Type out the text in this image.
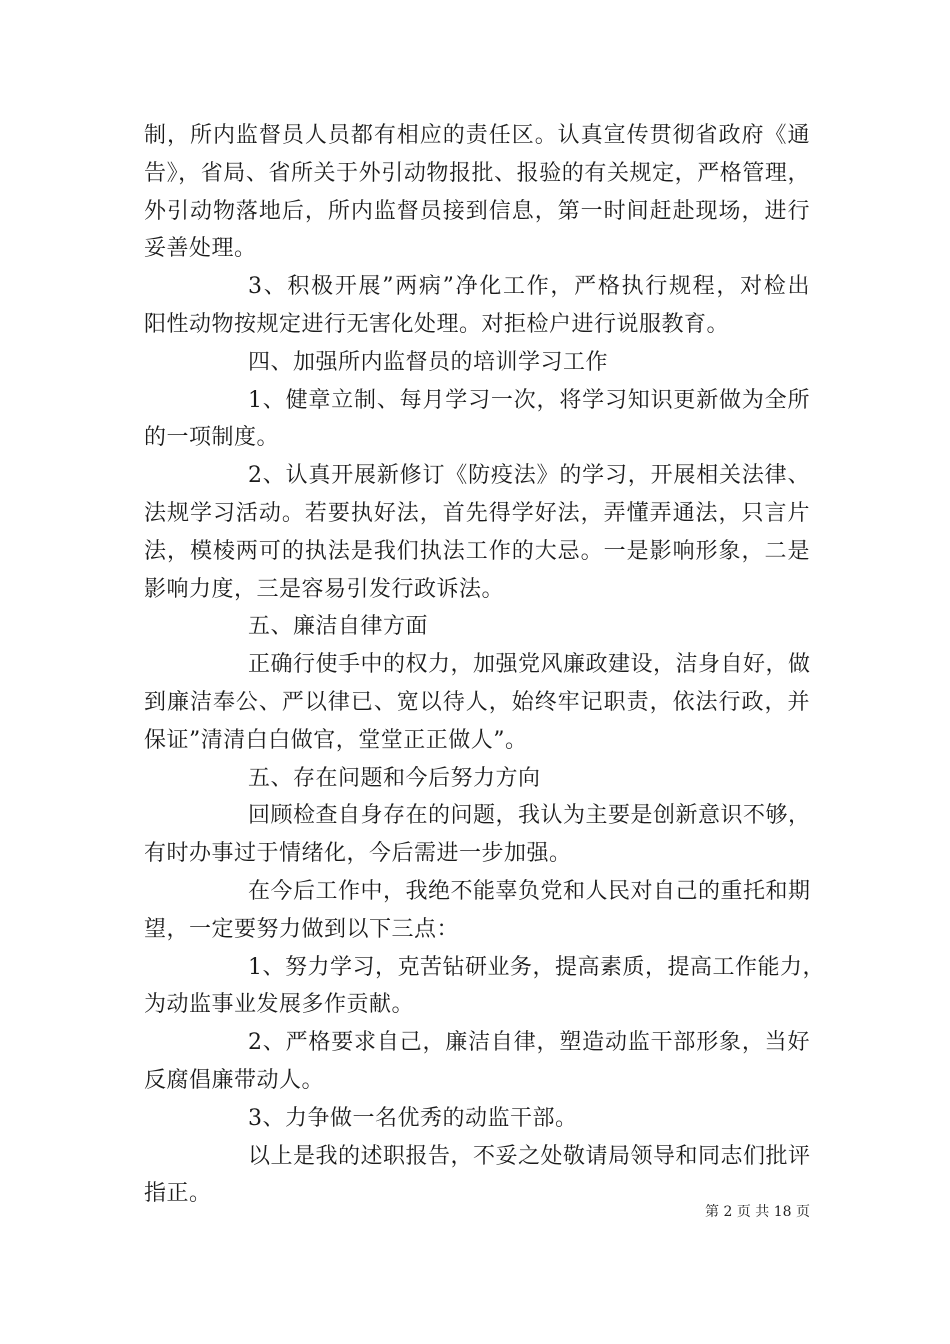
制，所内监督员人员都有相应的责任区。认真宣传贯彻省政府《通
告》，省局、省所关于外引动物报批、报验的有关规定，严格管理，
外引动物落地后，所内监督员接到信息，第一时间赶赴现场，进行
妥善处理。
3、积极开展”两病”净化工作，严格执行规程，对检出
阳性动物按规定进行无害化处理。对拒检户进行说服教育。
四、加强所内监督员的培训学习工作
1、健章立制、每月学习一次，将学习知识更新做为全所
的一项制度。
2、认真开展新修订《防疫法》的学习，开展相关法律、
法规学习活动。若要执好法，首先得学好法，弄懂弄通法，只言片
法，模棱两可的执法是我们执法工作的大忌。一是影响形象，二是
影响力度，三是容易引发行政诉法。
五、廉洁自律方面
正确行使手中的权力，加强党风廉政建设，洁身自好，做
到廉洁奉公、严以律已、宽以待人，始终牢记职责，依法行政，并
保证”清清白白做官，堂堂正正做人”。
五、存在问题和今后努力方向
回顾检查自身存在的问题，我认为主要是创新意识不够，
有时办事过于情绪化，今后需进一步加强。
在今后工作中，我绝不能辜负党和人民对自己的重托和期
望，一定要努力做到以下三点：
1、努力学习，克苦钻研业务，提高素质，提高工作能力，
为动监事业发展多作贡献。
2、严格要求自己，廉洁自律，塑造动监干部形象，当好
反腐倡廉带动人。
3、力争做一名优秀的动监干部。
以上是我的述职报告，不妥之处敬请局领导和同志们批评
指正。
第 2 页 共 18 页
